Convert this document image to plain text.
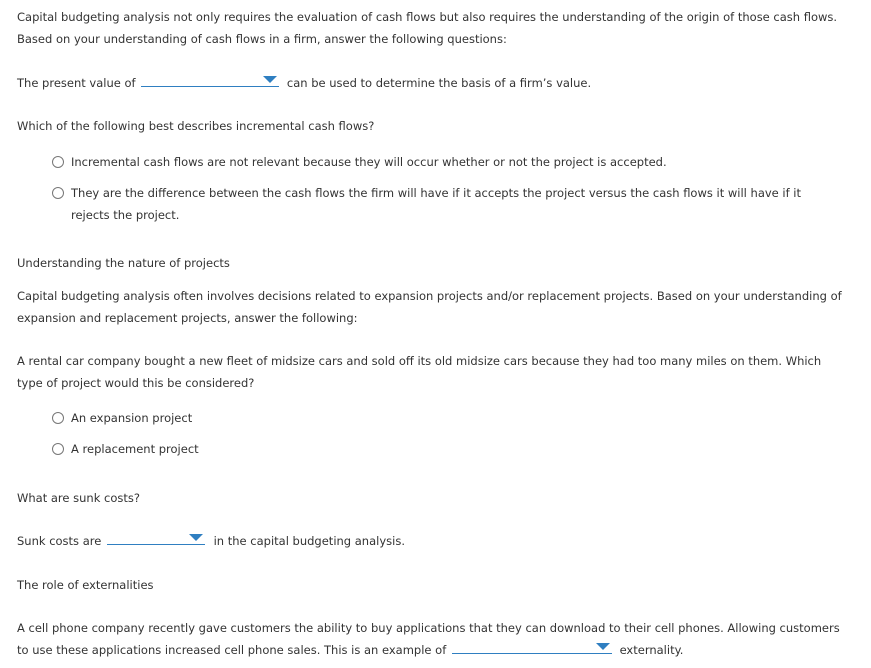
Capital budgeting analysis not only requires the evaluation of cash flows but also requires the understanding of the origin of those cash flows. Based on your understanding of cash flows in a firm, answer the following questions:
The present value of	can be used to determine the basis of a firm’s value.
Which of the following best describes incremental cash flows?
Incremental cash flows are not relevant because they will occur whether or not the project is accepted.
They are the difference between the cash flows the firm will have if it accepts the project versus the cash flows it will have if it rejects the project.
Understanding the nature of projects
Capital budgeting analysis often involves decisions related to expansion projects and/or replacement projects. Based on your understanding of expansion and replacement projects, answer the following:
A rental car company bought a new fleet of midsize cars and sold off its old midsize cars because they had too many miles on them. Which type of project would this be considered?
An expansion project
A replacement project
What are sunk costs?
Sunk costs are	in the capital budgeting analysis.
The role of externalities
A cell phone company recently gave customers the ability to buy applications that they can download to their cell phones. Allowing customers to use these applications increased cell phone sales. This is an example of	externality.
